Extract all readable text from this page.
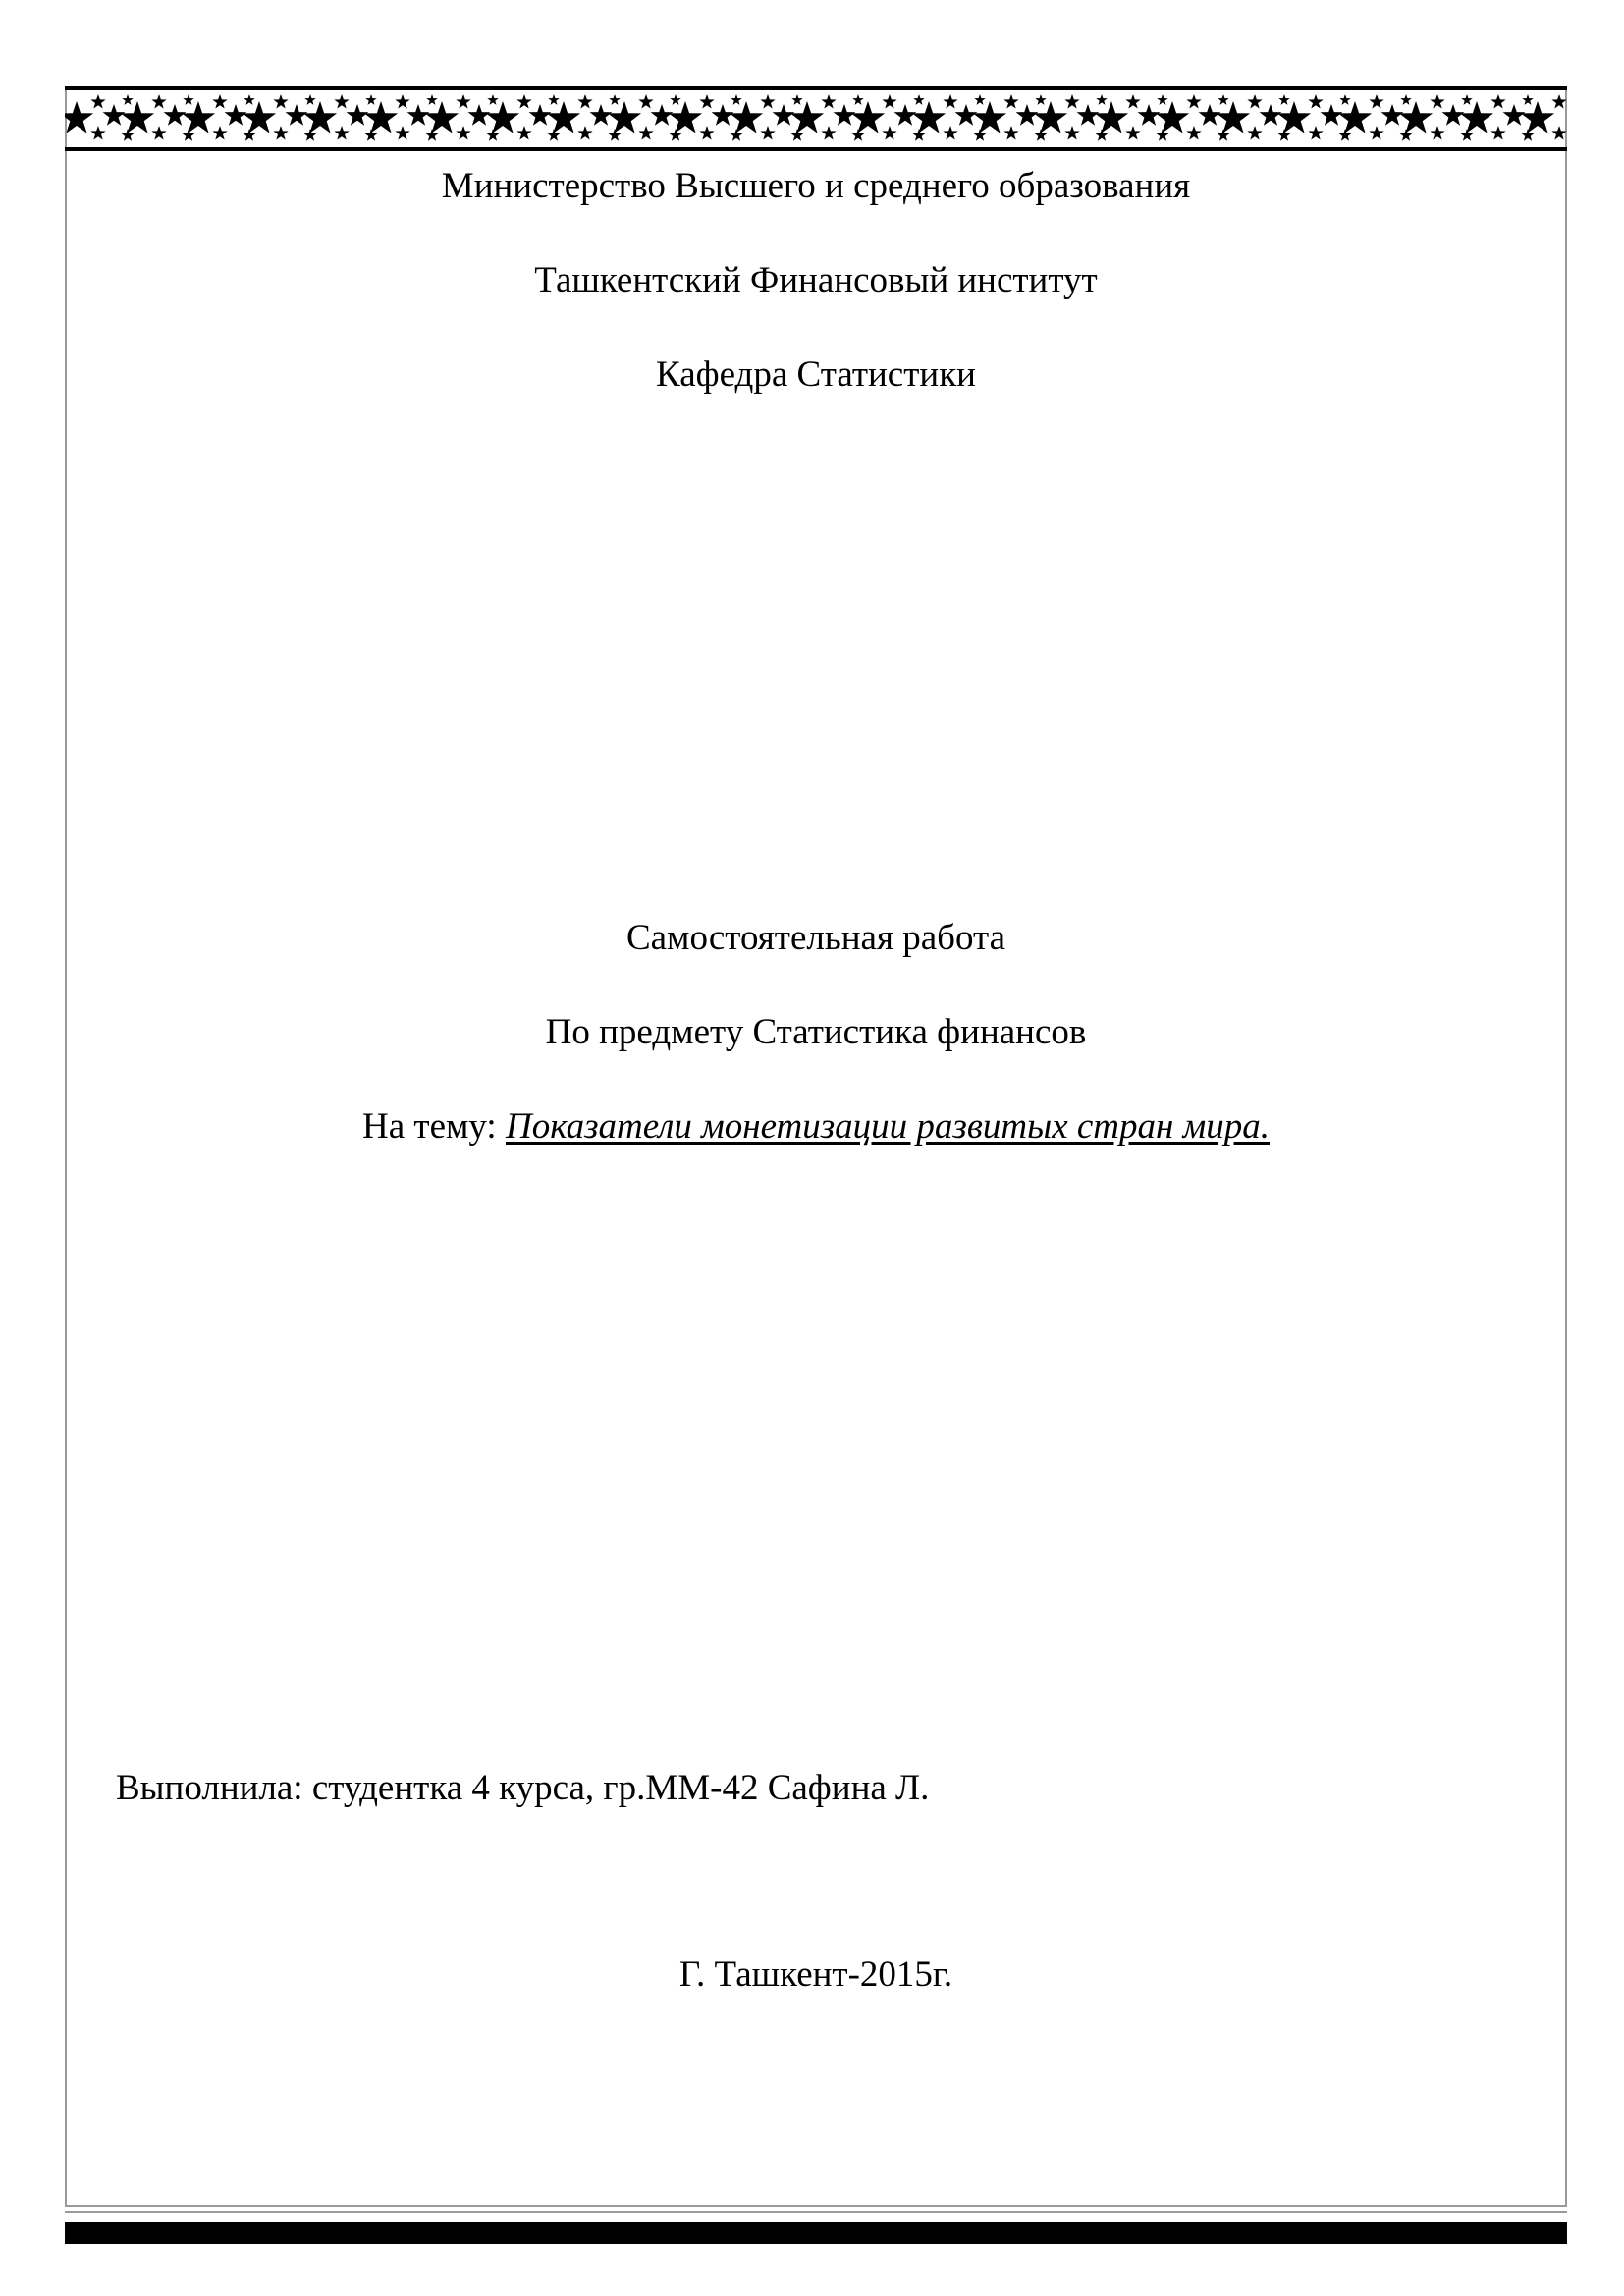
Министерство Высшего и среднего образования
Ташкентский Финансовый институт
Кафедра Статистики
Самостоятельная работа
По предмету Статистика финансов
На тему: Показатели монетизации развитых стран мира.
Выполнила: студентка 4 курса, гр.ММ-42 Сафина Л.
Г. Ташкент-2015г.
